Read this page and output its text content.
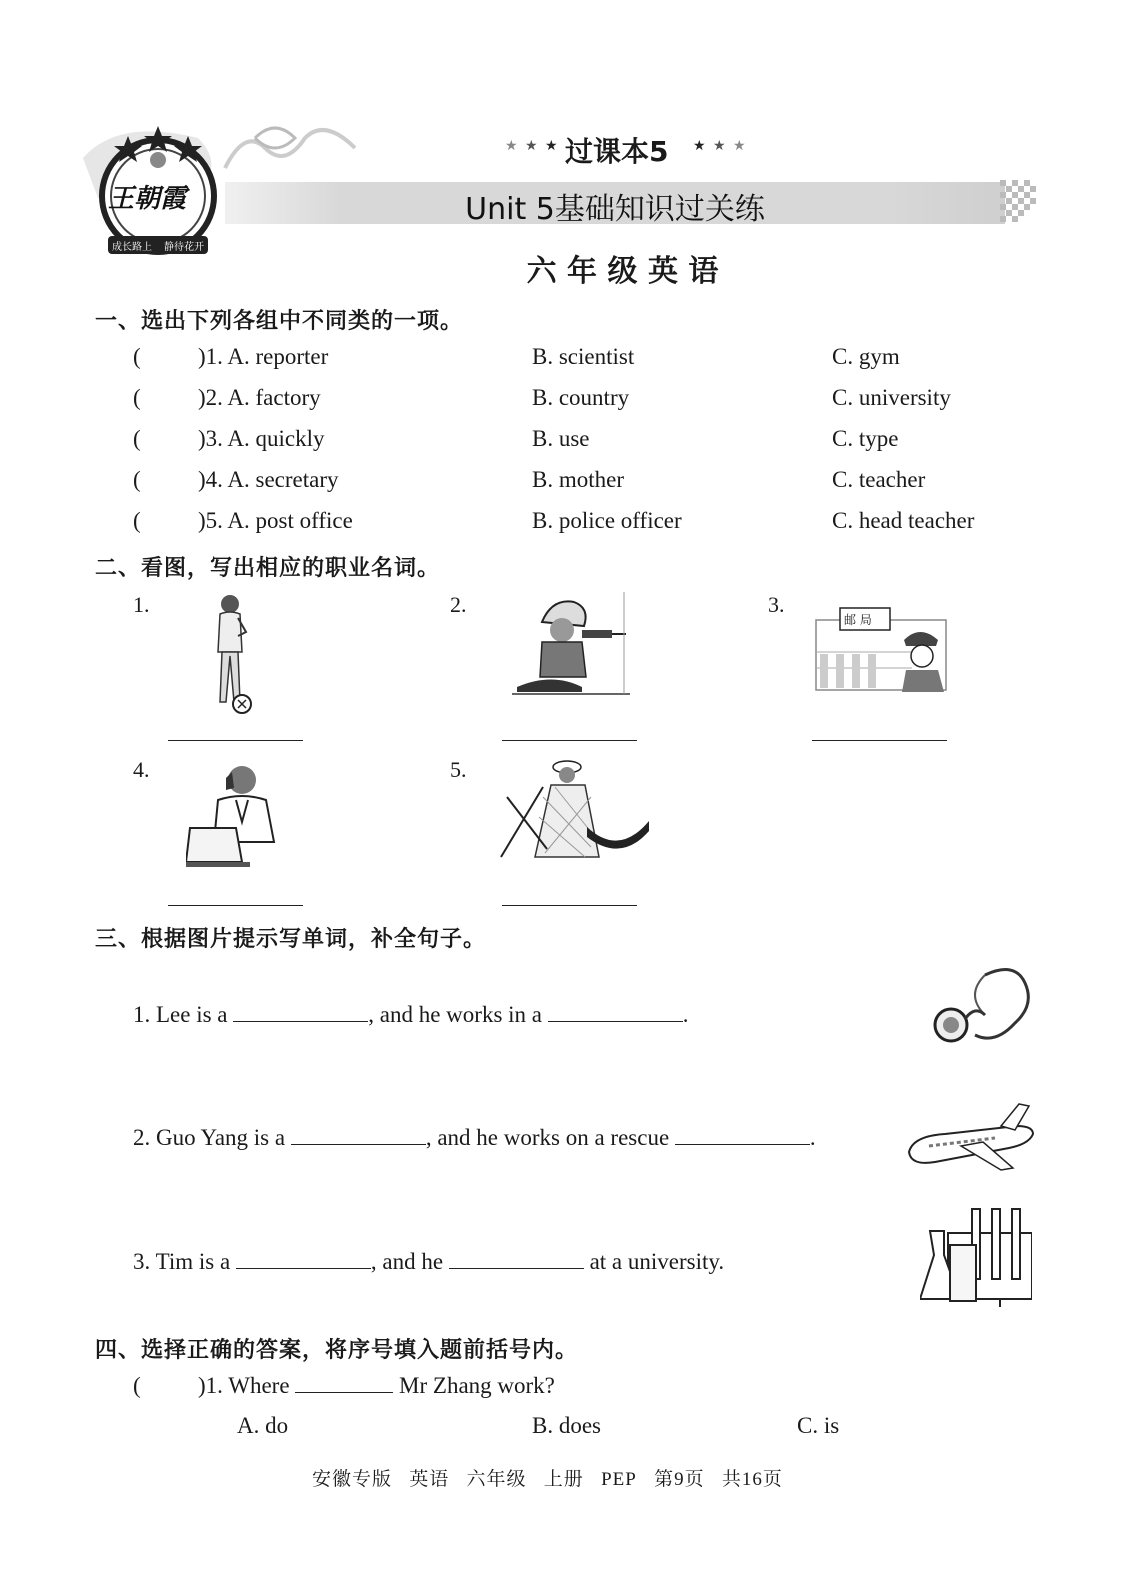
王朝霞
成长路上 静待花开
★ ★ ★ 过课本5 ★ ★ ★
Unit 5基础知识过关练
六 年 级 英 语
一、选出下列各组中不同类的一项。
( )1. A. reporter	B. scientist	C. gym
( )2. A. factory	B. country	C. university
( )3. A. quickly	B. use	C. type
( )4. A. secretary	B. mother	C. teacher
( )5. A. post office	B. police officer	C. head teacher
二、看图，写出相应的职业名词。
1.	2.	3.
邮 局
4.	5.
三、根据图片提示写单词，补全句子。
1. Lee is a	, and he works in a	.
2. Guo Yang is a	, and he works on a rescue	.
3. Tim is a	, and he	at a university.
四、选择正确的答案，将序号填入题前括号内。
( )1. Where	Mr Zhang work?
A. do	B. does	C. is
安徽专版 英语 六年级 上册 PEP 第9页 共16页
